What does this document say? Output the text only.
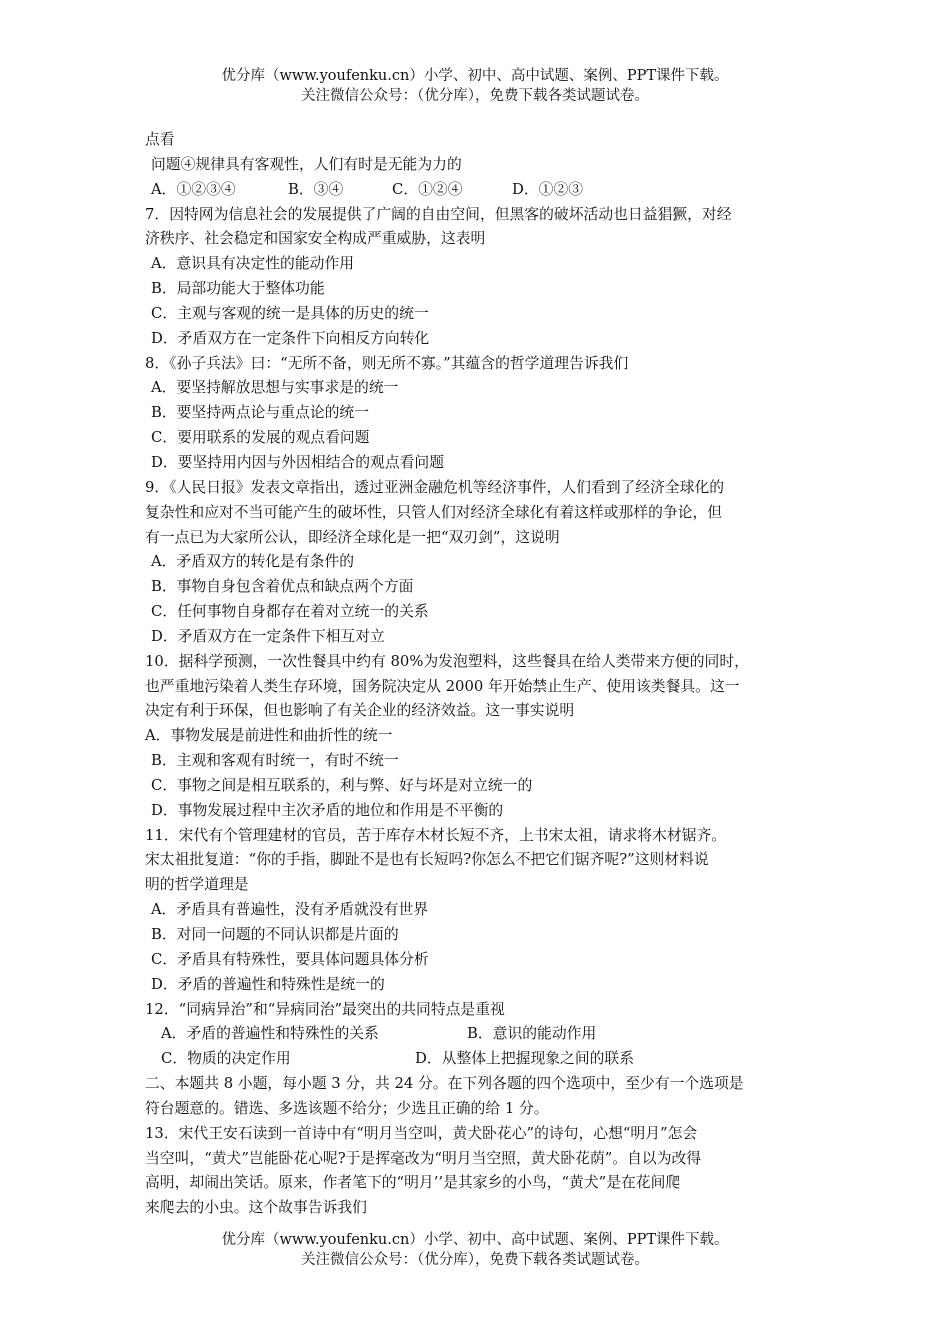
优分库（www.youfenku.cn）小学、初中、高中试题、案例、PPT课件下载。
关注微信公众号：（优分库），免费下载各类试题试卷。
点看
问题④规律具有客观性，人们有时是无能为力的
A．①②③④	B．③④	C．①②④	D．①②③
7．因特网为信息社会的发展提供了广阔的自由空间，但黑客的破坏活动也日益猖獗，对经
济秩序、社会稳定和国家安全构成严重威胁，这表明
A．意识具有决定性的能动作用
B．局部功能大于整体功能
C．主观与客观的统一是具体的历史的统一
D．矛盾双方在一定条件下向相反方向转化
8．《孙子兵法》曰：“无所不备，则无所不寡。”其蕴含的哲学道理告诉我们
A．要坚持解放思想与实事求是的统一
B．要坚持两点论与重点论的统一
C．要用联系的发展的观点看问题
D．要坚持用内因与外因相结合的观点看问题
9．《人民日报》发表文章指出，透过亚洲金融危机等经济事件，人们看到了经济全球化的
复杂性和应对不当可能产生的破坏性，只管人们对经济全球化有着这样或那样的争论，但
有一点已为大家所公认，即经济全球化是一把“双刃剑”，这说明
A．矛盾双方的转化是有条件的
B．事物自身包含着优点和缺点两个方面
C．任何事物自身都存在着对立统一的关系
D．矛盾双方在一定条件下相互对立
10．据科学预测，一次性餐具中约有 80%为发泡塑料，这些餐具在给人类带来方便的同时，
也严重地污染着人类生存环境，国务院决定从 2000 年开始禁止生产、使用该类餐具。这一
决定有利于环保，但也影响了有关企业的经济效益。这一事实说明
A．事物发展是前进性和曲折性的统一
B．主观和客观有时统一，有时不统一
C．事物之间是相互联系的，利与弊、好与坏是对立统一的
D．事物发展过程中主次矛盾的地位和作用是不平衡的
11．宋代有个管理建材的官员，苦于库存木材长短不齐，上书宋太祖，请求将木材锯齐。
宋太祖批复道：“你的手指，脚趾不是也有长短吗?你怎么不把它们锯齐呢?”这则材料说
明的哲学道理是
A．矛盾具有普遍性，没有矛盾就没有世界
B．对同一问题的不同认识都是片面的
C．矛盾具有特殊性，要具体问题具体分析
D．矛盾的普遍性和特殊性是统一的
12．“同病异治”和“异病同治”最突出的共同特点是重视
A．矛盾的普遍性和特殊性的关系	B．意识的能动作用
C．物质的决定作用	D．从整体上把握现象之间的联系
二、本题共 8 小题，每小题 3 分，共 24 分。在下列各题的四个选项中，至少有一个选项是
符台题意的。错选、多选该题不给分；少选且正确的给 1 分。
13．宋代王安石读到一首诗中有“明月当空叫，黄犬卧花心”的诗句，心想“明月”怎会
当空叫，“黄犬”岂能卧花心呢?于是挥毫改为“明月当空照，黄犬卧花荫”。自以为改得
高明，却闹出笑话。原来，作者笔下的“明月’’是其家乡的小鸟，“黄犬”是在花间爬
来爬去的小虫。这个故事告诉我们
优分库（www.youfenku.cn）小学、初中、高中试题、案例、PPT课件下载。
关注微信公众号：（优分库），免费下载各类试题试卷。
